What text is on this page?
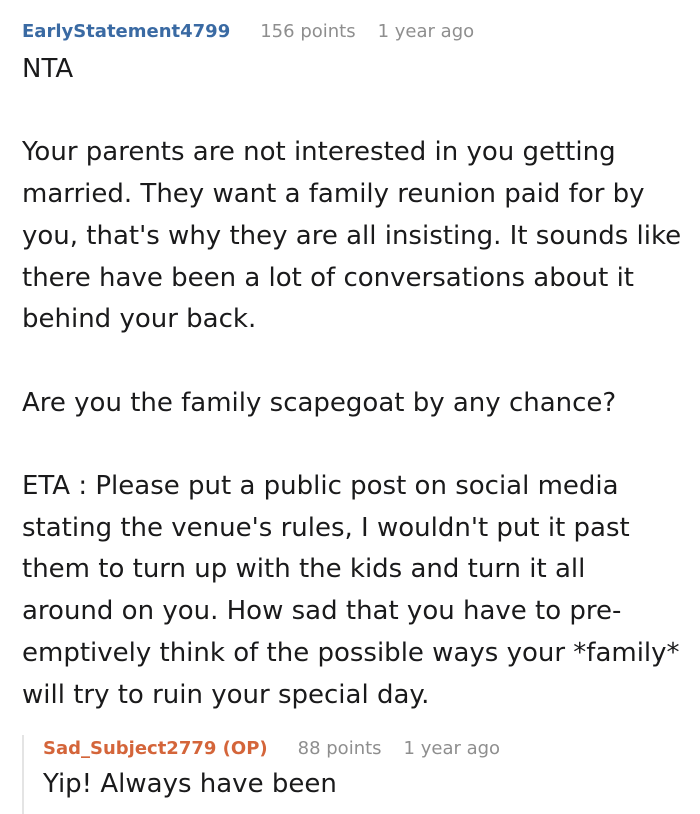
EarlyStatement4799 156 points 1 year ago

NTA

Your parents are not interested in you getting married. They want a family reunion paid for by you, that's why they are all insisting. It sounds like there have been a lot of conversations about it behind your back.

Are you the family scapegoat by any chance?

ETA : Please put a public post on social media stating the venue's rules, I wouldn't put it past them to turn up with the kids and turn it all around on you. How sad that you have to pre-emptively think of the possible ways your *family* will try to ruin your special day.

Sad_Subject2779 (OP) 88 points 1 year ago
Yip! Always have been
